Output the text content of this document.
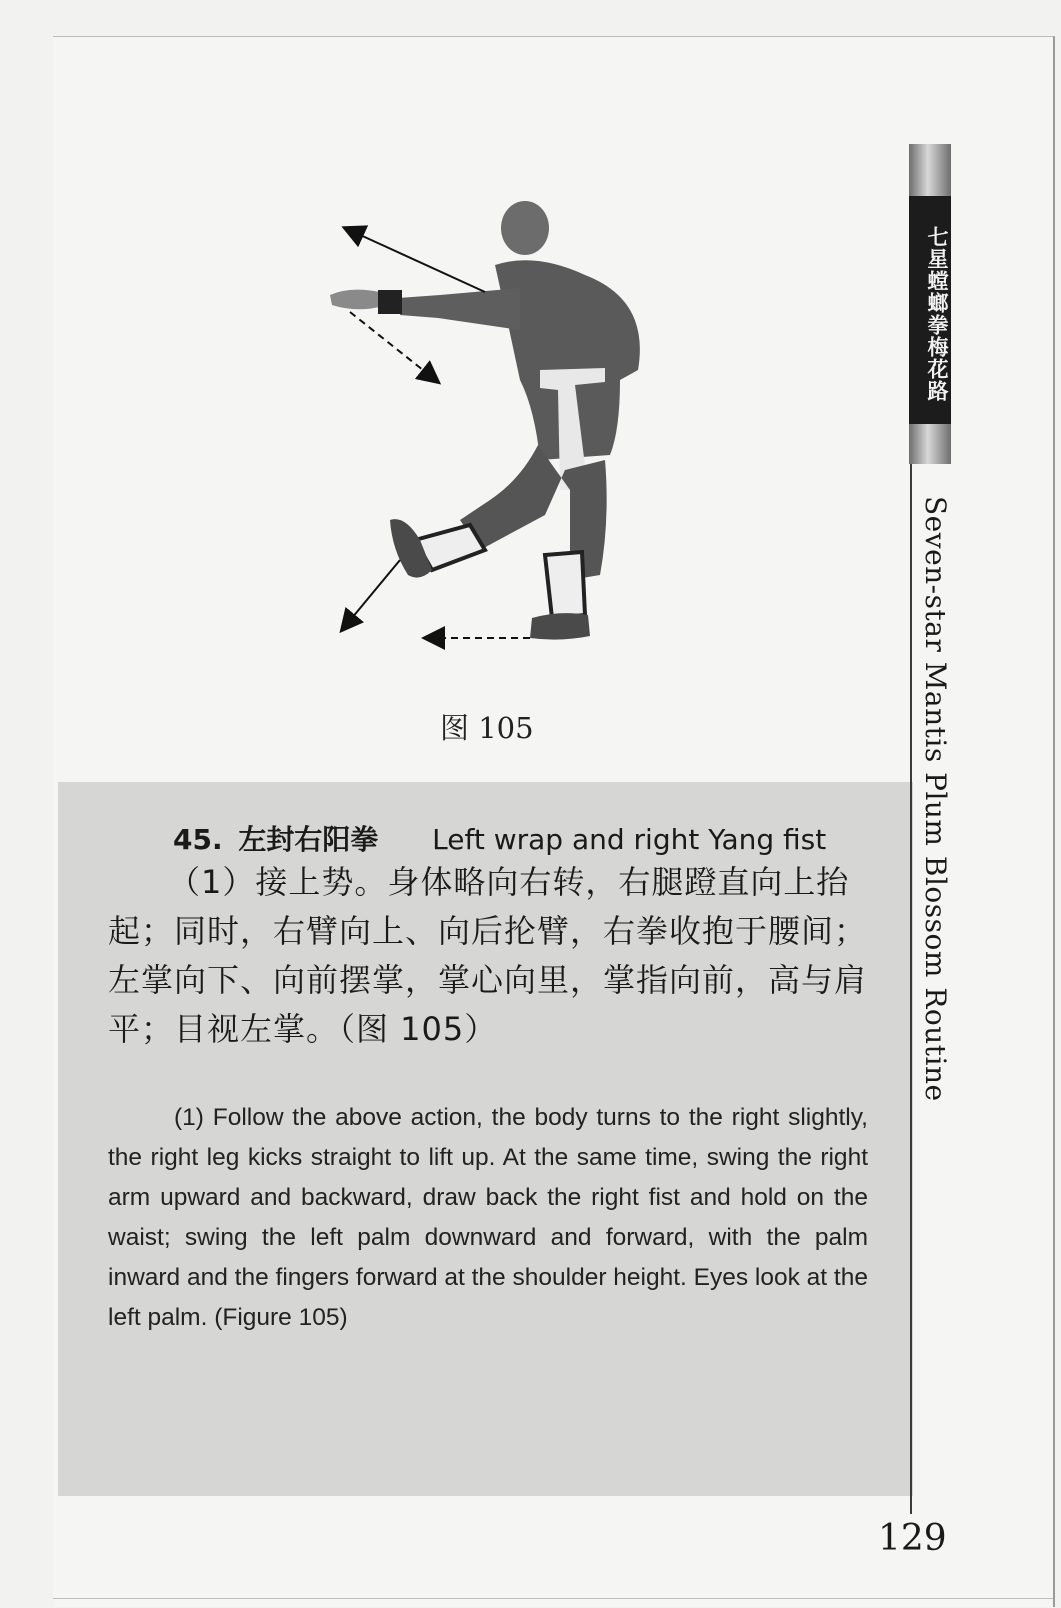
图 105
45. 左封右阳拳 Left wrap and right Yang fist
（1）接上势。身体略向右转，右腿蹬直向上抬起；同时，右臂向上、向后抡臂，右拳收抱于腰间；左掌向下、向前摆掌，掌心向里，掌指向前，高与肩平；目视左掌。（图 105）
(1) Follow the above action, the body turns to the right slightly, the right leg kicks straight to lift up. At the same time, swing the right arm upward and backward, draw back the right fist and hold on the waist; swing the left palm downward and forward, with the palm inward and the fingers forward at the shoulder height. Eyes look at the left palm. (Figure 105)
七星螳螂拳梅花路
Seven-star Mantis Plum Blossom Routine
129
